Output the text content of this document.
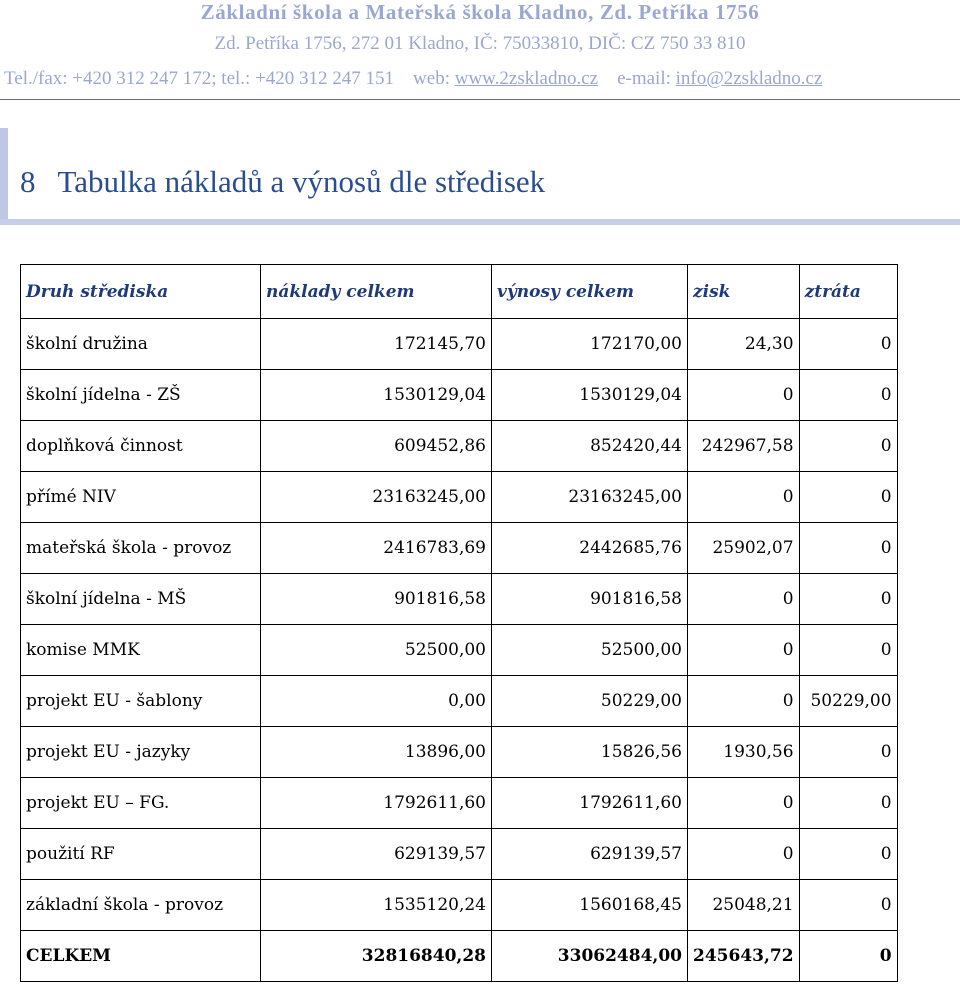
Základní škola a Mateřská škola Kladno, Zd. Petříka 1756
Zd. Petříka 1756, 272 01 Kladno, IČ: 75033810, DIČ: CZ 750 33 810
Tel./fax: +420 312 247 172; tel.: +420 312 247 151 web: www.2zskladno.cz e-mail: info@2zskladno.cz
8 Tabulka nákladů a výnosů dle středisek
Druh střediska	náklady celkem	výnosy celkem	zisk	ztráta
školní družina	172145,70	172170,00	24,30	0
školní jídelna - ZŠ	1530129,04	1530129,04	0	0
doplňková činnost	609452,86	852420,44	242967,58	0
přímé NIV	23163245,00	23163245,00	0	0
mateřská škola - provoz	2416783,69	2442685,76	25902,07	0
školní jídelna - MŠ	901816,58	901816,58	0	0
komise MMK	52500,00	52500,00	0	0
projekt EU - šablony	0,00	50229,00	0	50229,00
projekt EU - jazyky	13896,00	15826,56	1930,56	0
projekt EU – FG.	1792611,60	1792611,60	0	0
použití RF	629139,57	629139,57	0	0
základní škola - provoz	1535120,24	1560168,45	25048,21	0
CELKEM	32816840,28	33062484,00	245643,72	0
